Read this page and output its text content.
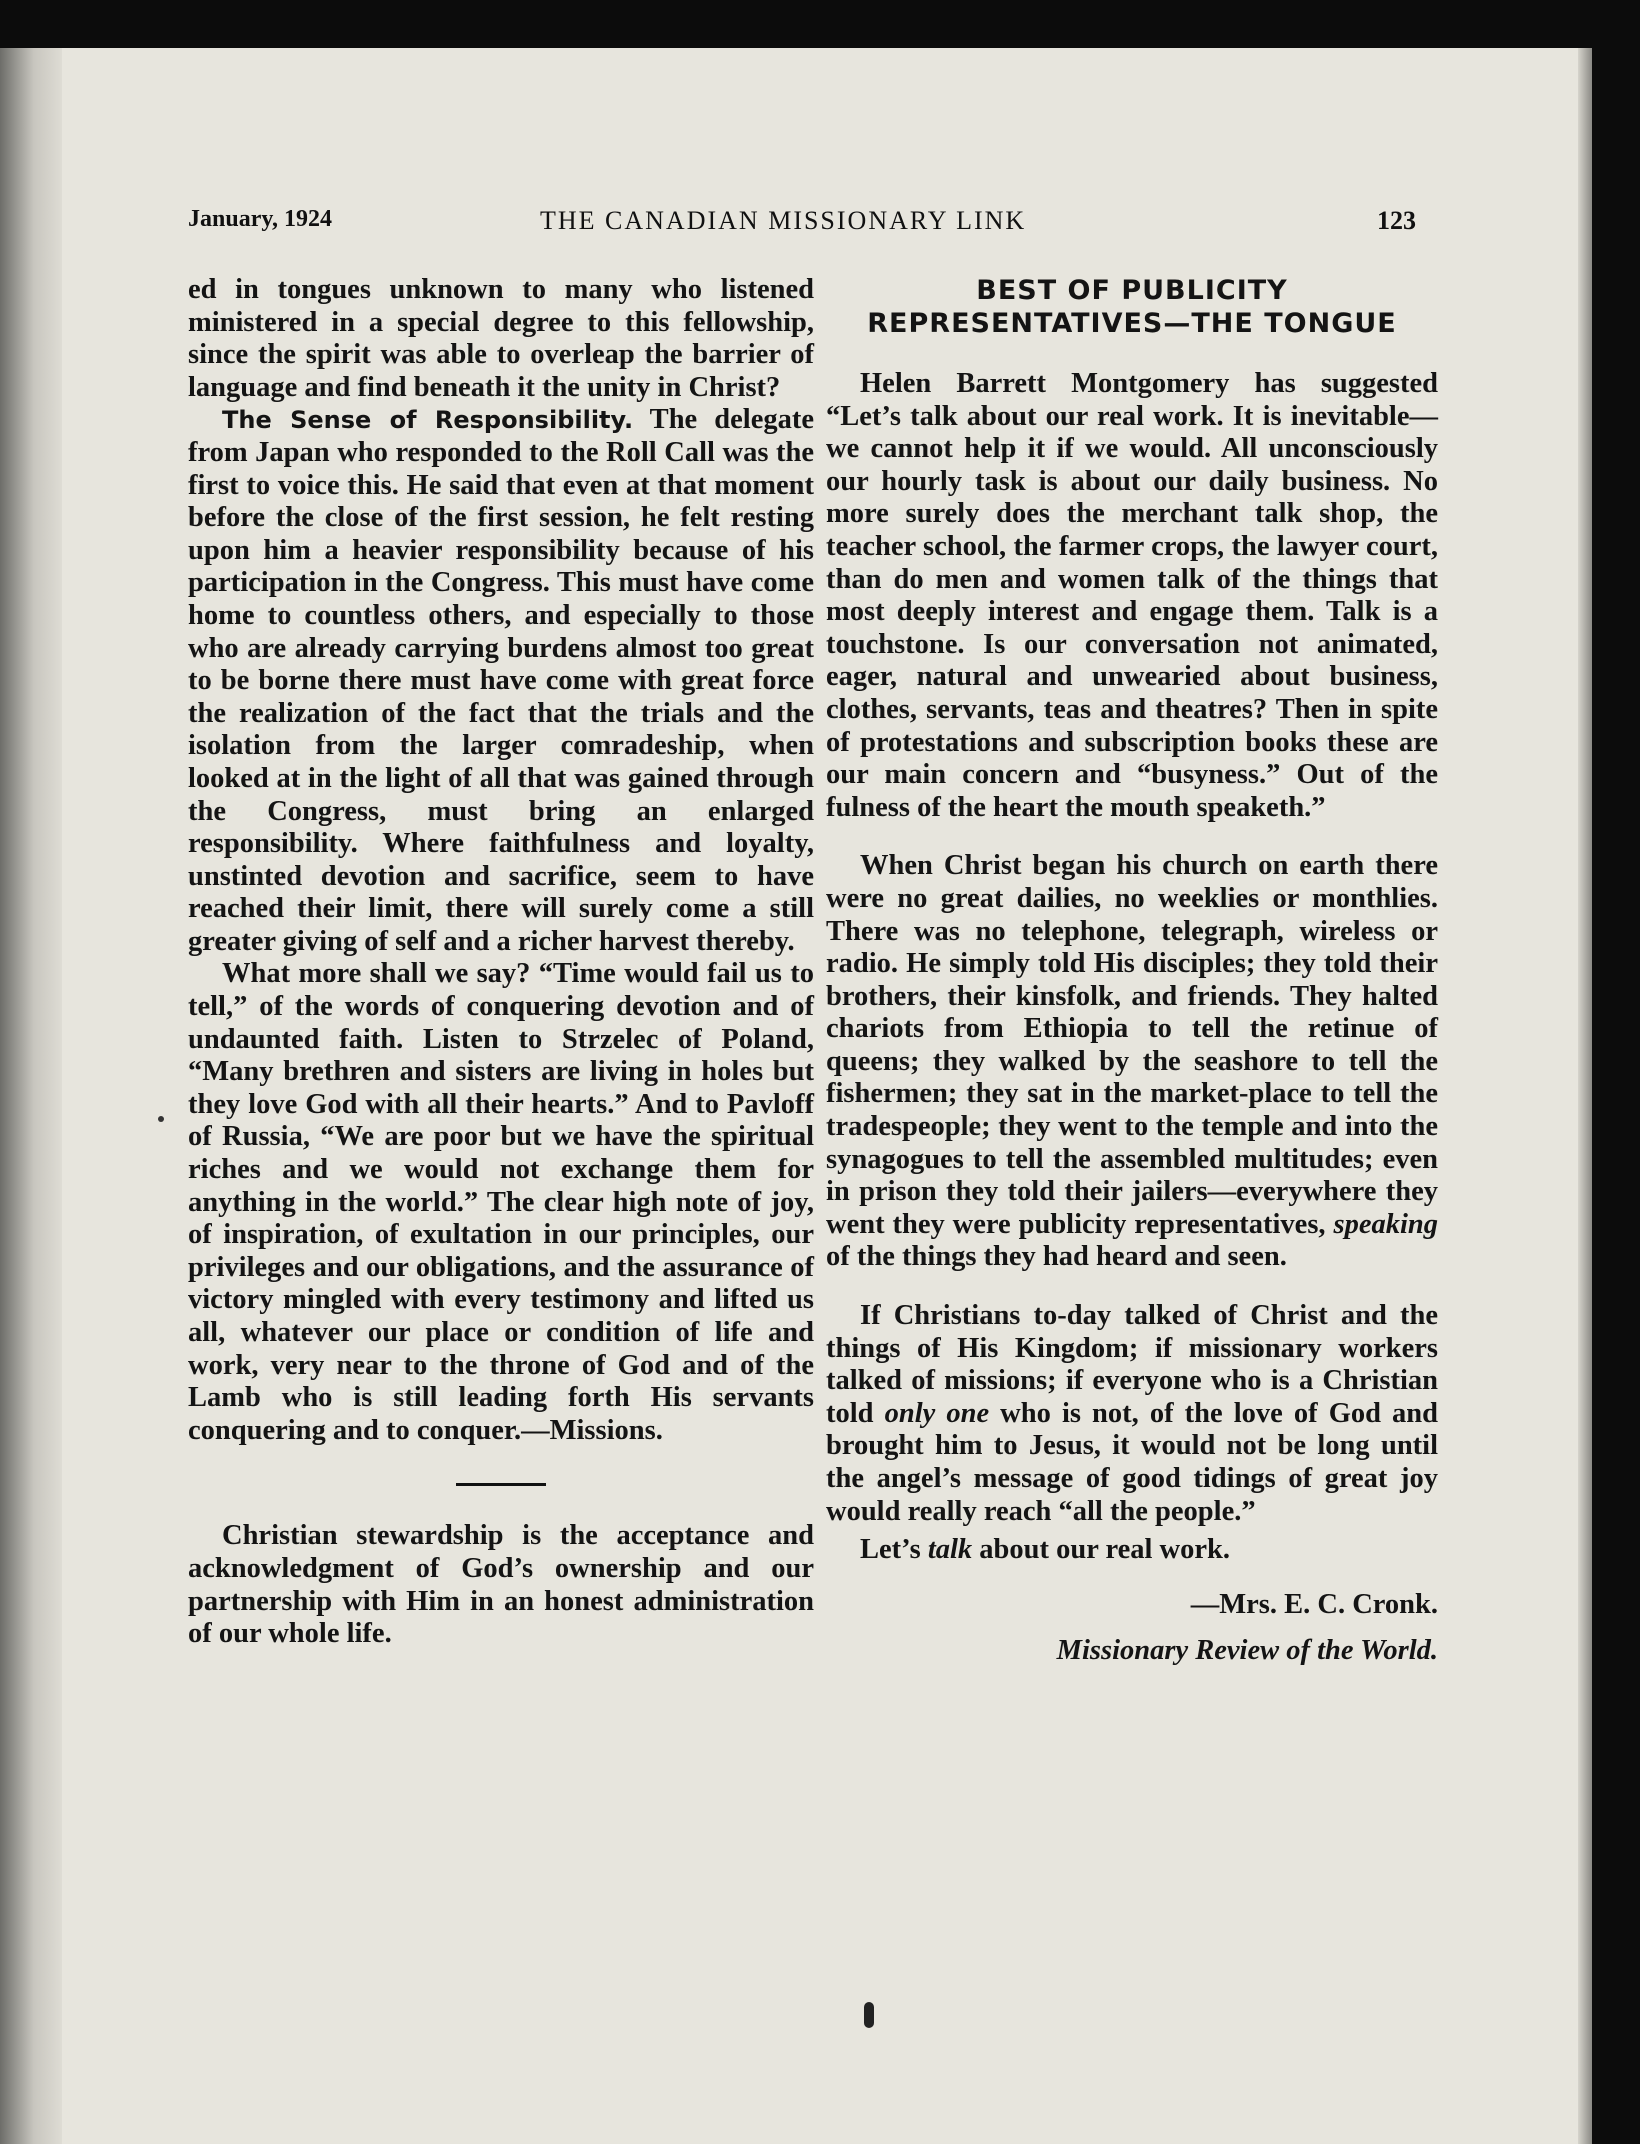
January, 1924	THE CANADIAN MISSIONARY LINK	123

ed in tongues unknown to many who listened ministered in a special degree to this fellowship, since the spirit was able to overleap the barrier of language and find beneath it the unity in Christ?

The Sense of Responsibility. The delegate from Japan who responded to the Roll Call was the first to voice this. He said that even at that moment before the close of the first session, he felt resting upon him a heavier responsibility because of his participation in the Congress. This must have come home to countless others, and especially to those who are already carrying burdens almost too great to be borne there must have come with great force the realization of the fact that the trials and the isolation from the larger comradeship, when looked at in the light of all that was gained through the Congress, must bring an enlarged responsibility. Where faithfulness and loyalty, unstinted devotion and sacrifice, seem to have reached their limit, there will surely come a still greater giving of self and a richer harvest thereby.

What more shall we say? “Time would fail us to tell,” of the words of conquering devotion and of undaunted faith. Listen to Strzelec of Poland, “Many brethren and sisters are living in holes but they love God with all their hearts.” And to Pavloff of Russia, “We are poor but we have the spiritual riches and we would not exchange them for anything in the world.” The clear high note of joy, of inspiration, of exultation in our principles, our privileges and our obligations, and the assurance of victory mingled with every testimony and lifted us all, whatever our place or condition of life and work, very near to the throne of God and of the Lamb who is still leading forth His servants conquering and to conquer.—Missions.

Christian stewardship is the acceptance and acknowledgment of God’s ownership and our partnership with Him in an honest administration of our whole life.

BEST OF PUBLICITY REPRESENTATIVES—THE TONGUE

Helen Barrett Montgomery has suggested “Let’s talk about our real work. It is inevitable—we cannot help it if we would. All unconsciously our hourly task is about our daily business. No more surely does the merchant talk shop, the teacher school, the farmer crops, the lawyer court, than do men and women talk of the things that most deeply interest and engage them. Talk is a touchstone. Is our conversation not animated, eager, natural and unwearied about business, clothes, servants, teas and theatres? Then in spite of protestations and subscription books these are our main concern and “busyness.” Out of the fulness of the heart the mouth speaketh.”

When Christ began his church on earth there were no great dailies, no weeklies or monthlies. There was no telephone, telegraph, wireless or radio. He simply told His disciples; they told their brothers, their kinsfolk, and friends. They halted chariots from Ethiopia to tell the retinue of queens; they walked by the seashore to tell the fishermen; they sat in the market-place to tell the tradespeople; they went to the temple and into the synagogues to tell the assembled multitudes; even in prison they told their jailers—everywhere they went they were publicity representatives, speaking of the things they had heard and seen.

If Christians to-day talked of Christ and the things of His Kingdom; if missionary workers talked of missions; if everyone who is a Christian told only one who is not, of the love of God and brought him to Jesus, it would not be long until the angel’s message of good tidings of great joy would really reach “all the people.”

Let’s talk about our real work.

—Mrs. E. C. Cronk.

Missionary Review of the World.
